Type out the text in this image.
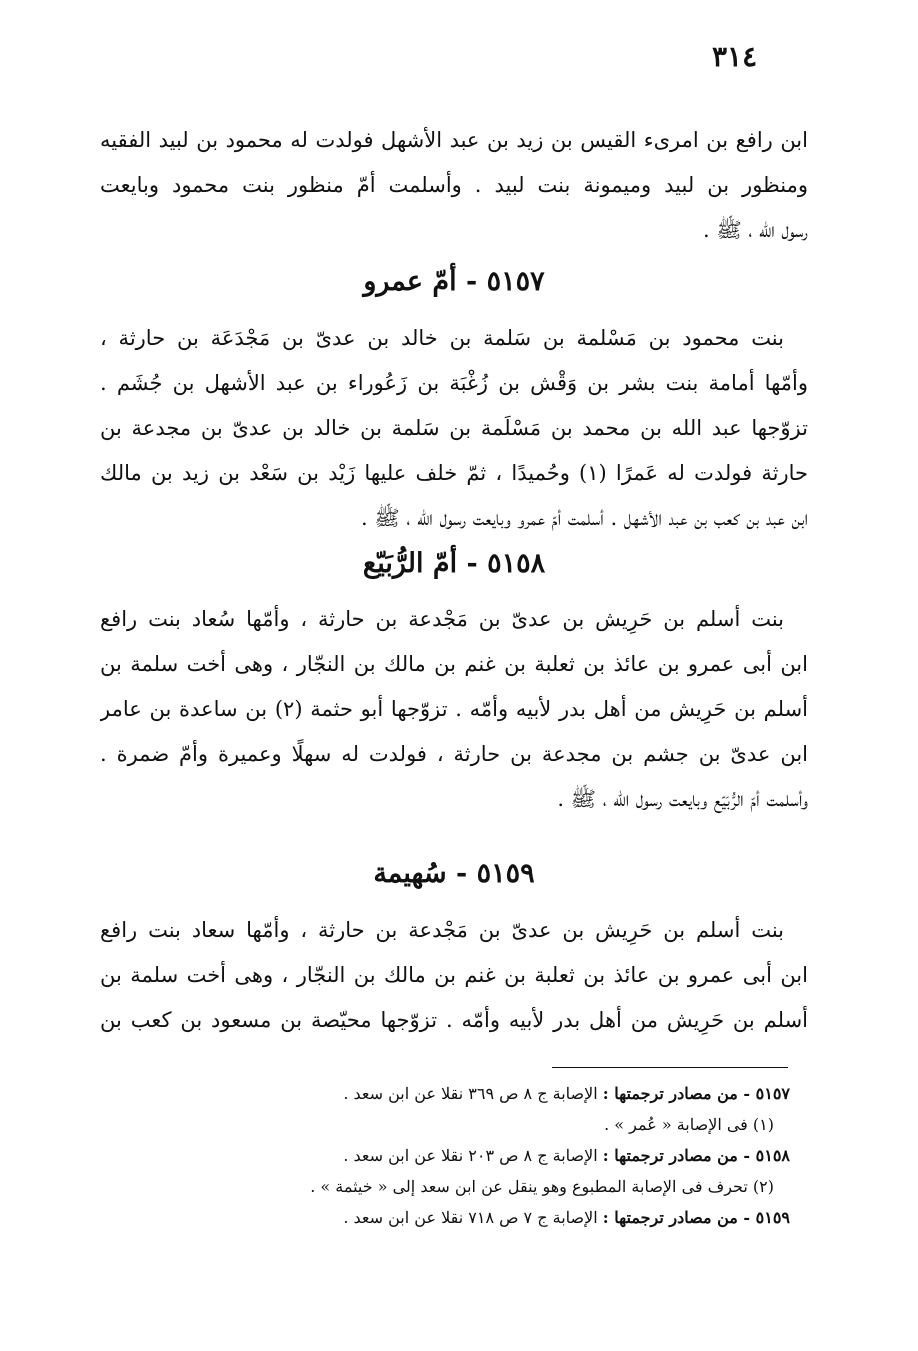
٣١٤
ابن رافع بن امرىء القيس بن زيد بن عبد الأشهل فولدت له محمود بن لبيد الفقيه
ومنظور بن لبيد وميمونة بنت لبيد . وأسلمت أمّ منظور بنت محمود وبايعت
رسول الله ، ﷺ .
٥١٥٧ - أمّ عمرو
بنت محمود بن مَسْلمة بن سَلمة بن خالد بن عدىّ بن مَجْدَعَة بن حارثة ،
وأمّها أمامة بنت بشر بن وَقْش بن زُغْبَة بن زَعُوراء بن عبد الأشهل بن جُشَم .
تزوّجها عبد الله بن محمد بن مَسْلَمة بن سَلمة بن خالد بن عدىّ بن مجدعة بن
حارثة فولدت له عَمرًا (١) وحُميدًا ، ثمّ خلف عليها زَيْد بن سَعْد بن زيد بن مالك
ابن عبد بن كعب بن عبد الأشهل . أسلمت أمّ عمرو وبايعت رسول الله ، ﷺ .
٥١٥٨ - أمّ الرُّبَيّع
بنت أسلم بن حَرِيش بن عدىّ بن مَجْدعة بن حارثة ، وأمّها سُعاد بنت رافع
ابن أبى عمرو بن عائذ بن ثعلبة بن غنم بن مالك بن النجّار ، وهى أخت سلمة بن
أسلم بن حَرِيش من أهل بدر لأبيه وأمّه . تزوّجها أبو حثمة (٢) بن ساعدة بن عامر
ابن عدىّ بن جشم بن مجدعة بن حارثة ، فولدت له سهلًا وعميرة وأمّ ضمرة .
وأسلمت أمّ الرُّبَيّع وبايعت رسول الله ، ﷺ .
٥١٥٩ - سُهيمة
بنت أسلم بن حَرِيش بن عدىّ بن مَجْدعة بن حارثة ، وأمّها سعاد بنت رافع
ابن أبى عمرو بن عائذ بن ثعلبة بن غنم بن مالك بن النجّار ، وهى أخت سلمة بن
أسلم بن حَرِيش من أهل بدر لأبيه وأمّه . تزوّجها محيّصة بن مسعود بن كعب بن
٥١٥٧ - من مصادر ترجمتها : الإصابة ج ٨ ص ٣٦٩ نقلا عن ابن سعد .
(١) فى الإصابة « عُمر » .
٥١٥٨ - من مصادر ترجمتها : الإصابة ج ٨ ص ٢٠٣ نقلا عن ابن سعد .
(٢) تحرف فى الإصابة المطبوع وهو ينقل عن ابن سعد إلى « خيثمة » .
٥١٥٩ - من مصادر ترجمتها : الإصابة ج ٧ ص ٧١٨ نقلا عن ابن سعد .
